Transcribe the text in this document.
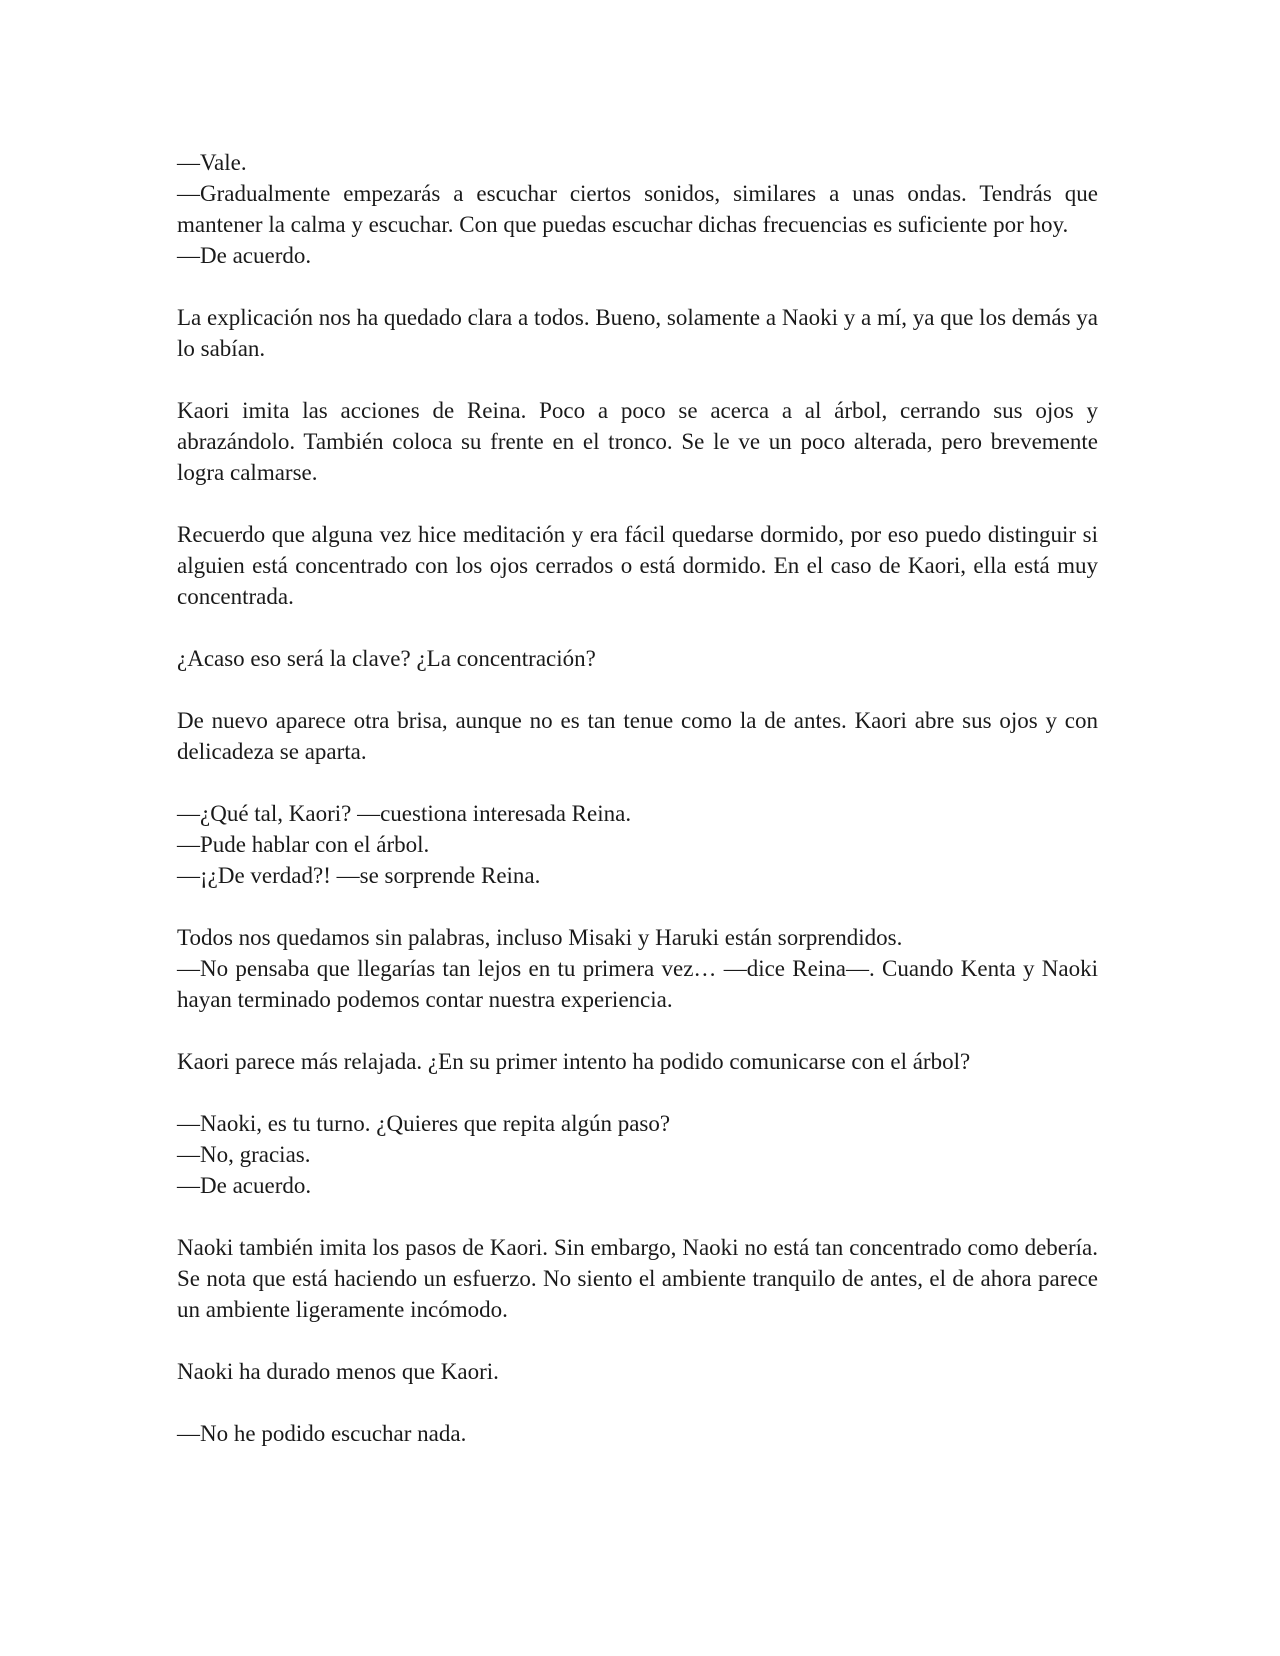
—Vale.
—Gradualmente empezarás a escuchar ciertos sonidos, similares a unas ondas. Tendrás que mantener la calma y escuchar. Con que puedas escuchar dichas frecuencias es suficiente por hoy.
—De acuerdo.
La explicación nos ha quedado clara a todos. Bueno, solamente a Naoki y a mí, ya que los demás ya lo sabían.
Kaori imita las acciones de Reina. Poco a poco se acerca a al árbol, cerrando sus ojos y abrazándolo. También coloca su frente en el tronco. Se le ve un poco alterada, pero brevemente logra calmarse.
Recuerdo que alguna vez hice meditación y era fácil quedarse dormido, por eso puedo distinguir si alguien está concentrado con los ojos cerrados o está dormido. En el caso de Kaori, ella está muy concentrada.
¿Acaso eso será la clave? ¿La concentración?
De nuevo aparece otra brisa, aunque no es tan tenue como la de antes. Kaori abre sus ojos y con delicadeza se aparta.
—¿Qué tal, Kaori? —cuestiona interesada Reina.
—Pude hablar con el árbol.
—¡¿De verdad?! —se sorprende Reina.
Todos nos quedamos sin palabras, incluso Misaki y Haruki están sorprendidos.
—No pensaba que llegarías tan lejos en tu primera vez… —dice Reina—. Cuando Kenta y Naoki hayan terminado podemos contar nuestra experiencia.
Kaori parece más relajada. ¿En su primer intento ha podido comunicarse con el árbol?
—Naoki, es tu turno. ¿Quieres que repita algún paso?
—No, gracias.
—De acuerdo.
Naoki también imita los pasos de Kaori. Sin embargo, Naoki no está tan concentrado como debería. Se nota que está haciendo un esfuerzo. No siento el ambiente tranquilo de antes, el de ahora parece un ambiente ligeramente incómodo.
Naoki ha durado menos que Kaori.
—No he podido escuchar nada.
